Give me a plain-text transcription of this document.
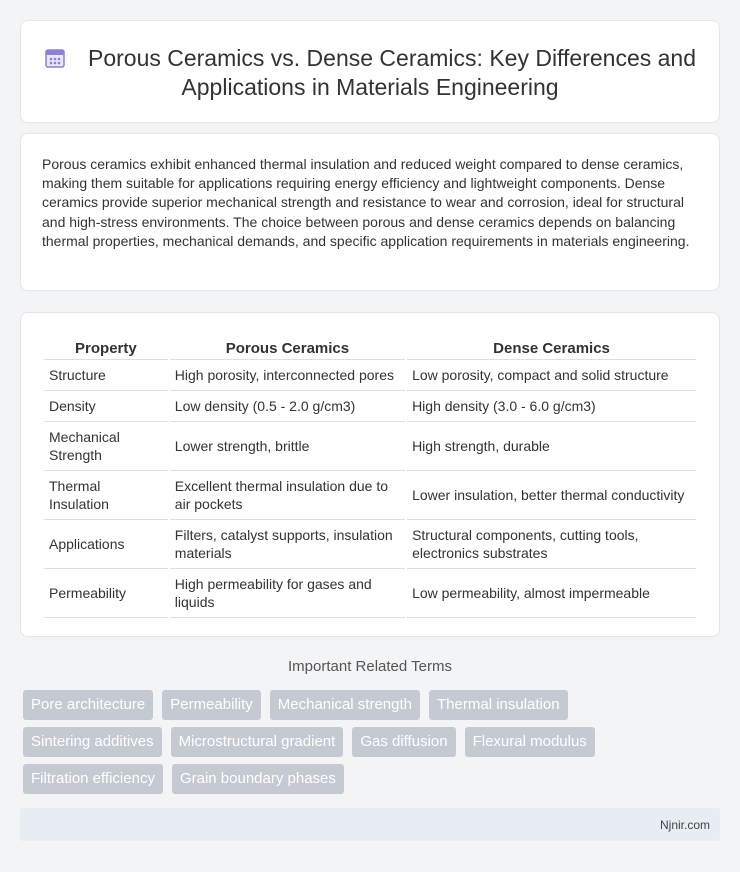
Porous Ceramics vs. Dense Ceramics: Key Differences and Applications in Materials Engineering

Porous ceramics exhibit enhanced thermal insulation and reduced weight compared to dense ceramics, making them suitable for applications requiring energy efficiency and lightweight components. Dense ceramics provide superior mechanical strength and resistance to wear and corrosion, ideal for structural and high-stress environments. The choice between porous and dense ceramics depends on balancing thermal properties, mechanical demands, and specific application requirements in materials engineering.

Property	Porous Ceramics	Dense Ceramics
Structure	High porosity, interconnected pores	Low porosity, compact and solid structure
Density	Low density (0.5 - 2.0 g/cm3)	High density (3.0 - 6.0 g/cm3)
Mechanical Strength	Lower strength, brittle	High strength, durable
Thermal Insulation	Excellent thermal insulation due to air pockets	Lower insulation, better thermal conductivity
Applications	Filters, catalyst supports, insulation materials	Structural components, cutting tools, electronics substrates
Permeability	High permeability for gases and liquids	Low permeability, almost impermeable
Important Related Terms
Pore architecture	Permeability	Mechanical strength	Thermal insulation
Sintering additives	Microstructural gradient	Gas diffusion	Flexural modulus
Filtration efficiency	Grain boundary phases
Njnir.com
